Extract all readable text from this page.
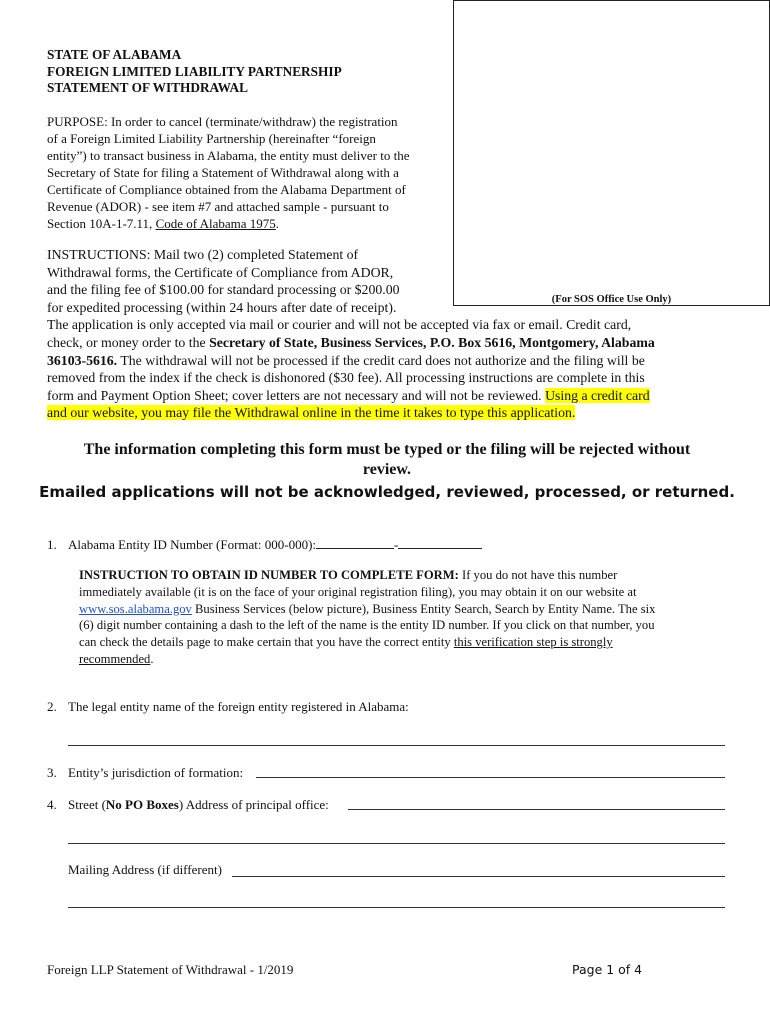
(For SOS Office Use Only)
STATE OF ALABAMA
FOREIGN LIMITED LIABILITY PARTNERSHIP
STATEMENT OF WITHDRAWAL
PURPOSE: In order to cancel (terminate/withdraw) the registration
of a Foreign Limited Liability Partnership (hereinafter “foreign
entity”) to transact business in Alabama, the entity must deliver to the
Secretary of State for filing a Statement of Withdrawal along with a
Certificate of Compliance obtained from the Alabama Department of
Revenue (ADOR) - see item #7 and attached sample - pursuant to
Section 10A-1-7.11, Code of Alabama 1975.
INSTRUCTIONS: Mail two (2) completed Statement of
Withdrawal forms, the Certificate of Compliance from ADOR,
and the filing fee of $100.00 for standard processing or $200.00
for expedited processing (within 24 hours after date of receipt).
The application is only accepted via mail or courier and will not be accepted via fax or email. Credit card,
check, or money order to the Secretary of State, Business Services, P.O. Box 5616, Montgomery, Alabama
36103-5616. The withdrawal will not be processed if the credit card does not authorize and the filing will be
removed from the index if the check is dishonored ($30 fee). All processing instructions are complete in this
form and Payment Option Sheet; cover letters are not necessary and will not be reviewed. Using a credit card
and our website, you may file the Withdrawal online in the time it takes to type this application.
The information completing this form must be typed or the filing will be rejected without
review.
Emailed applications will not be acknowledged, reviewed, processed, or returned.
1. Alabama Entity ID Number (Format: 000-000):	-
INSTRUCTION TO OBTAIN ID NUMBER TO COMPLETE FORM: If you do not have this number
immediately available (it is on the face of your original registration filing), you may obtain it on our website at
www.sos.alabama.gov Business Services (below picture), Business Entity Search, Search by Entity Name. The six
(6) digit number containing a dash to the left of the name is the entity ID number. If you click on that number, you
can check the details page to make certain that you have the correct entity this verification step is strongly
recommended.
2. The legal entity name of the foreign entity registered in Alabama:
3. Entity’s jurisdiction of formation:
4. Street (No PO Boxes) Address of principal office:
Mailing Address (if different)
Foreign LLP Statement of Withdrawal - 1/2019	Page 1 of 4
